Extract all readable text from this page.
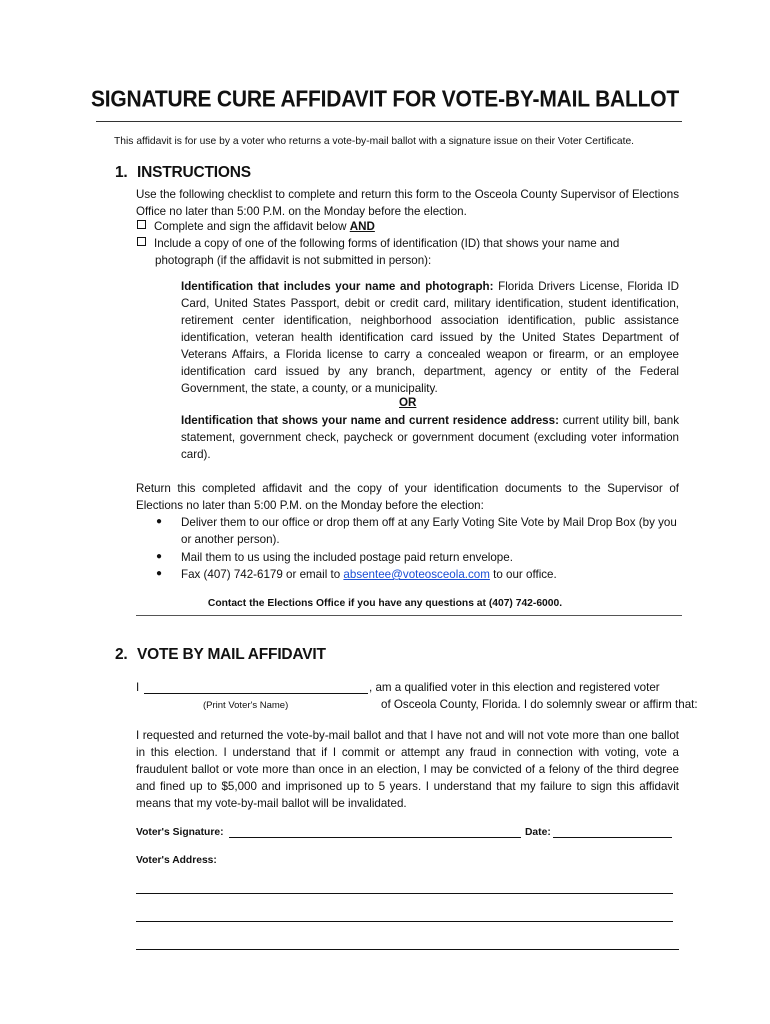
SIGNATURE CURE AFFIDAVIT FOR VOTE-BY-MAIL BALLOT
This affidavit is for use by a voter who returns a vote-by-mail ballot with a signature issue on their Voter Certificate.
1. INSTRUCTIONS
Use the following checklist to complete and return this form to the Osceola County Supervisor of Elections Office no later than 5:00 P.M. on the Monday before the election.
Complete and sign the affidavit below AND
Include a copy of one of the following forms of identification (ID) that shows your name and
photograph (if the affidavit is not submitted in person):
Identification that includes your name and photograph: Florida Drivers License, Florida ID Card, United States Passport, debit or credit card, military identification, student identification, retirement center identification, neighborhood association identification, public assistance identification, veteran health identification card issued by the United States Department of Veterans Affairs, a Florida license to carry a concealed weapon or firearm, or an employee identification card issued by any branch, department, agency or entity of the Federal Government, the state, a county, or a municipality.
OR
Identification that shows your name and current residence address: current utility bill, bank statement, government check, paycheck or government document (excluding voter information card).
Return this completed affidavit and the copy of your identification documents to the Supervisor of Elections no later than 5:00 P.M. on the Monday before the election:
● Deliver them to our office or drop them off at any Early Voting Site Vote by Mail Drop Box (by you or another person).
● Mail them to us using the included postage paid return envelope.
● Fax (407) 742-6179 or email to absentee@voteosceola.com to our office.
Contact the Elections Office if you have any questions at (407) 742-6000.
2. VOTE BY MAIL AFFIDAVIT
I	, am a qualified voter in this election and registered voter
(Print Voter's Name)	of Osceola County, Florida. I do solemnly swear or affirm that:
I requested and returned the vote-by-mail ballot and that I have not and will not vote more than one ballot in this election. I understand that if I commit or attempt any fraud in connection with voting, vote a fraudulent ballot or vote more than once in an election, I may be convicted of a felony of the third degree and fined up to $5,000 and imprisoned up to 5 years. I understand that my failure to sign this affidavit means that my vote-by-mail ballot will be invalidated.
Voter's Signature:	Date:
Voter's Address:
